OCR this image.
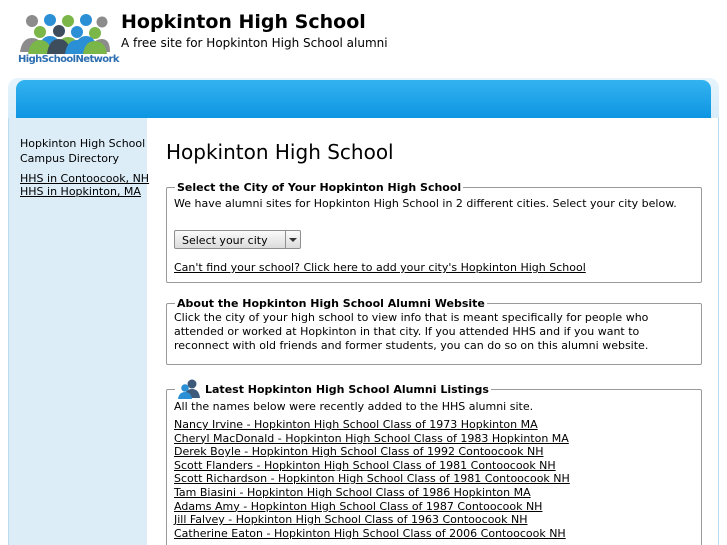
HighSchoolNetwork
Hopkinton High School
A free site for Hopkinton High School alumni
Hopkinton High School Campus Directory
HHS in Contoocook, NH
HHS in Hopkinton, MA
Hopkinton High School
Select the City of Your Hopkinton High School

We have alumni sites for Hopkinton High School in 2 different cities. Select your city below.

Select your city
Can't find your school? Click here to add your city's Hopkinton High School
About the Hopkinton High School Alumni Website

Click the city of your high school to view info that is meant specifically for people who attended or worked at Hopkinton in that city. If you attended HHS and if you want to reconnect with old friends and former students, you can do so on this alumni website.

Latest Hopkinton High School Alumni Listings

All the names below were recently added to the HHS alumni site.

Nancy Irvine - Hopkinton High School Class of 1973 Hopkinton MA
Cheryl MacDonald - Hopkinton High School Class of 1983 Hopkinton MA
Derek Boyle - Hopkinton High School Class of 1992 Contoocook NH
Scott Flanders - Hopkinton High School Class of 1981 Contoocook NH
Scott Richardson - Hopkinton High School Class of 1981 Contoocook NH
Tam Biasini - Hopkinton High School Class of 1986 Hopkinton MA
Adams Amy - Hopkinton High School Class of 1987 Contoocook NH
Jill Falvey - Hopkinton High School Class of 1963 Contoocook NH
Catherine Eaton - Hopkinton High School Class of 2006 Contoocook NH
